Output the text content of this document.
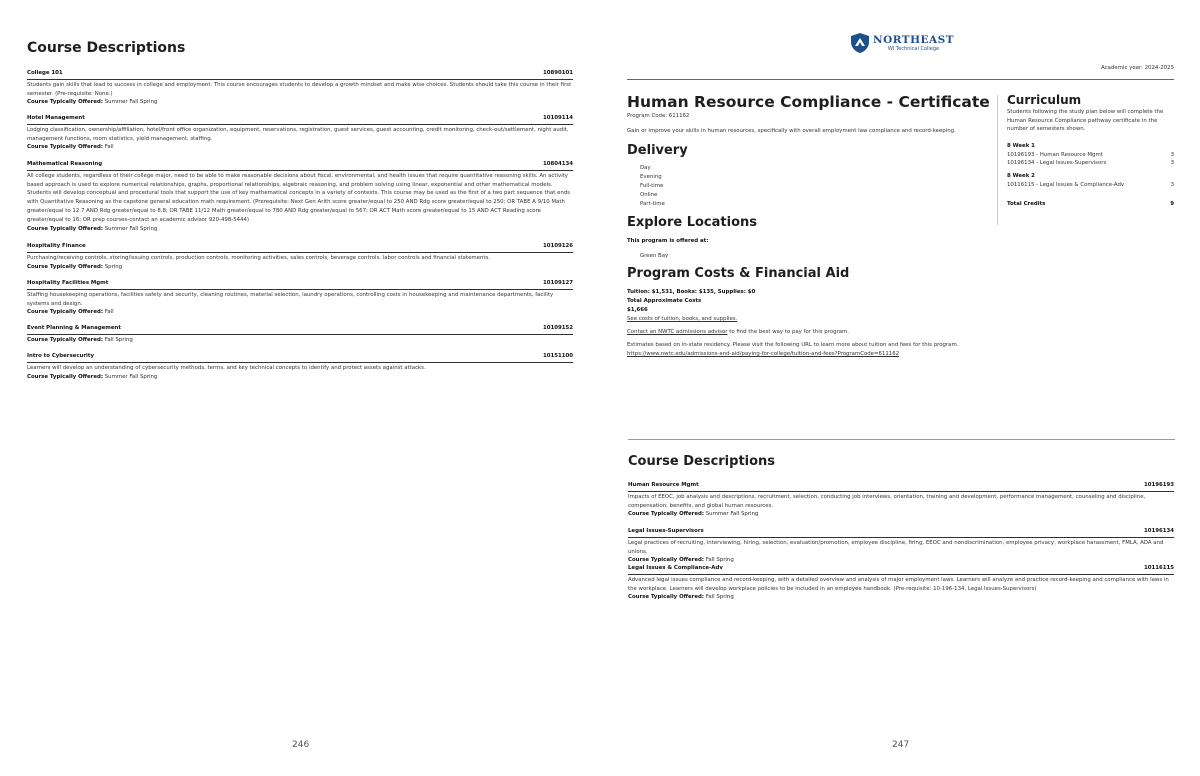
Course Descriptions
College 101	10890101
Students gain skills that lead to success in college and employment. This course encourages students to develop a growth mindset and make wise choices. Students should take this course in their first semester. (Pre-requisite: None.)
Course Typically Offered: Summer Fall Spring
Hotel Management	10109114
Lodging classification, ownership/affiliation, hotel/front office organization, equipment, reservations, registration, guest services, guest accounting, credit monitoring, check-out/settlement, night audit, management functions, room statistics, yield management, staffing.
Course Typically Offered: Fall
Mathematical Reasoning	10804134
All college students, regardless of their college major, need to be able to make reasonable decisions about fiscal, environmental, and health issues that require quantitative reasoning skills. An activity based approach is used to explore numerical relationships, graphs, proportional relationships, algebraic reasoning, and problem solving using linear, exponential and other mathematical models. Students will develop conceptual and procedural tools that support the use of key mathematical concepts in a variety of contexts. This course may be used as the first of a two part sequence that ends with Quantitative Reasoning as the capstone general education math requirement. (Prerequisite: Next Gen Arith score greater/equal to 250 AND Rdg score greater/equal to 250; OR TABE A 9/10 Math greater/equal to 12.7 AND Rdg greater/equal to 8.8; OR TABE 11/12 Math greater/equal to 780 AND Rdg greater/equal to 567; OR ACT Math score greater/equal to 15 AND ACT Reading score greater/equal to 16; OR prep courses-contact an academic advisor 920-498-5444)
Course Typically Offered: Summer Fall Spring
Hospitality Finance	10109126
Purchasing/receiving controls, storing/issuing controls, production controls, monitoring activities, sales controls, beverage controls, labor controls and financial statements.
Course Typically Offered: Spring
Hospitality Facilities Mgmt	10109127
Staffing housekeeping operations, facilities safety and security, cleaning routines, material selection, laundry operations, controlling costs in housekeeping and maintenance departments, facility systems and design.
Course Typically Offered: Fall
Event Planning & Management	10109152
Course Typically Offered: Fall Spring
Intro to Cybersecurity	10151100
Learners will develop an understanding of cybersecurity methods, terms, and key technical concepts to identify and protect assets against attacks.
Course Typically Offered: Summer Fall Spring
246
NORTHEAST
WI Technical College
Academic year: 2024-2025
Human Resource Compliance - Certificate
Program Code: 611162
Gain or improve your skills in human resources, specifically with overall employment law compliance and record-keeping.
Delivery
Day
Evening
Full-time
Online
Part-time
Explore Locations
This program is offered at:
Green Bay
Program Costs & Financial Aid
Tuition: $1,531, Books: $135, Supplies: $0
Total Approximate Costs
$1,666
See costs of tuition, books, and supplies.
Contact an NWTC admissions advisor to find the best way to pay for this program.
Estimates based on in-state residency. Please visit the following URL to learn more about tuition and fees for this program.
https://www.nwtc.edu/admissions-and-aid/paying-for-college/tuition-and-fees?ProgramCode=611162
Curriculum
Students following the study plan below will complete the Human Resource Compliance pathway certificate in the number of semesters shown.
8 Week 1
10196193 - Human Resource Mgmt	3
10196134 - Legal Issues-Supervisors	3
8 Week 2
10116115 - Legal Issues & Compliance-Adv	3
Total Credits	9
Course Descriptions
Human Resource Mgmt	10196193
Impacts of EEOC, job analysis and descriptions, recruitment, selection, conducting job interviews, orientation, training and development, performance management, counseling and discipline, compensation, benefits, and global human resources.
Course Typically Offered: Summer Fall Spring
Legal Issues-Supervisors	10196134
Legal practices of recruiting, interviewing, hiring, selection, evaluation/promotion, employee discipline, firing, EEOC and nondiscrimination, employee privacy, workplace harassment, FMLA, ADA and unions.
Course Typically Offered: Fall Spring
Legal Issues & Compliance-Adv	10116115
Advanced legal issues compliance and record-keeping, with a detailed overview and analysis of major employment laws. Learners will analyze and practice record-keeping and compliance with laws in the workplace. Learners will develop workplace policies to be included in an employee handbook. (Pre-requisite: 10-196-134, Legal Issues-Supervisors)
Course Typically Offered: Fall Spring
247
